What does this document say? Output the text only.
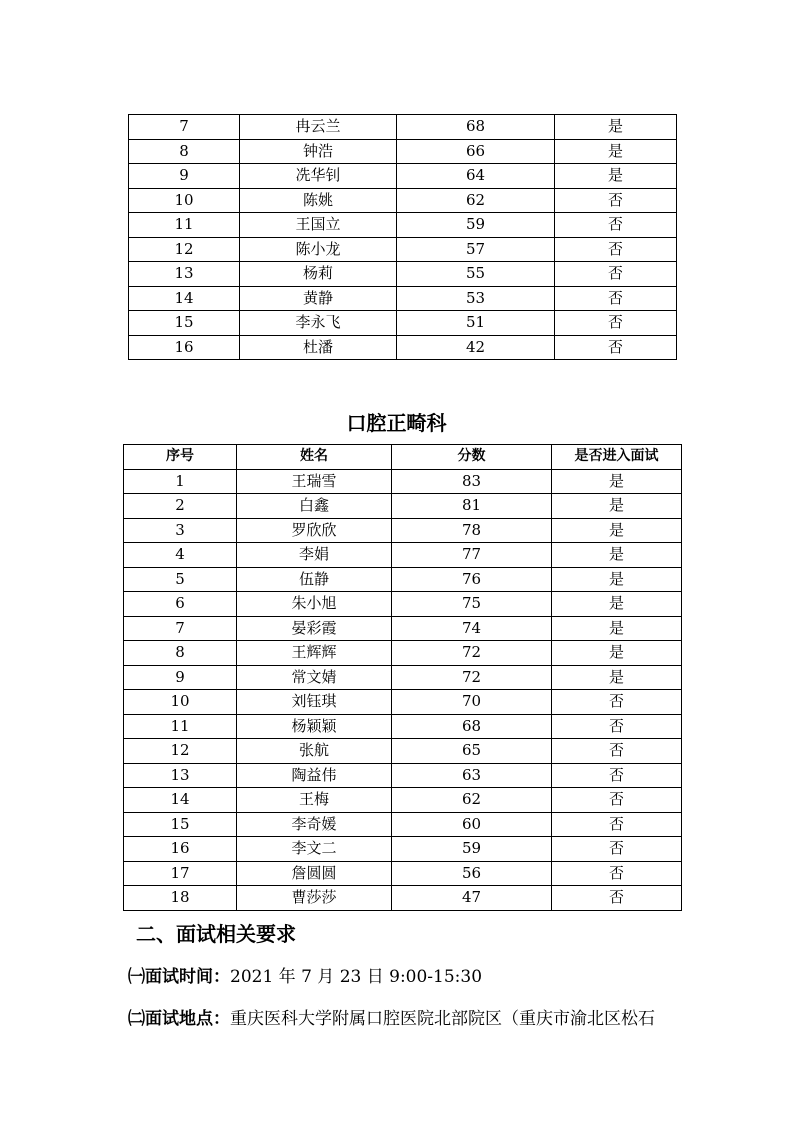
7	冉云兰	68	是
8	钟浩	66	是
9	冼华钊	64	是
10	陈姚	62	否
11	王国立	59	否
12	陈小龙	57	否
13	杨莉	55	否
14	黄静	53	否
15	李永飞	51	否
16	杜潘	42	否
口腔正畸科
序号	姓名	分数	是否进入面试
1	王瑞雪	83	是
2	白鑫	81	是
3	罗欣欣	78	是
4	李娟	77	是
5	伍静	76	是
6	朱小旭	75	是
7	晏彩霞	74	是
8	王辉辉	72	是
9	常文婧	72	是
10	刘钰琪	70	否
11	杨颖颖	68	否
12	张航	65	否
13	陶益伟	63	否
14	王梅	62	否
15	李奇媛	60	否
16	李文二	59	否
17	詹圆圆	56	否
18	曹莎莎	47	否
二、面试相关要求
㈠面试时间：2021 年 7 月 23 日 9:00-15:30
㈡面试地点：重庆医科大学附属口腔医院北部院区（重庆市渝北区松石
